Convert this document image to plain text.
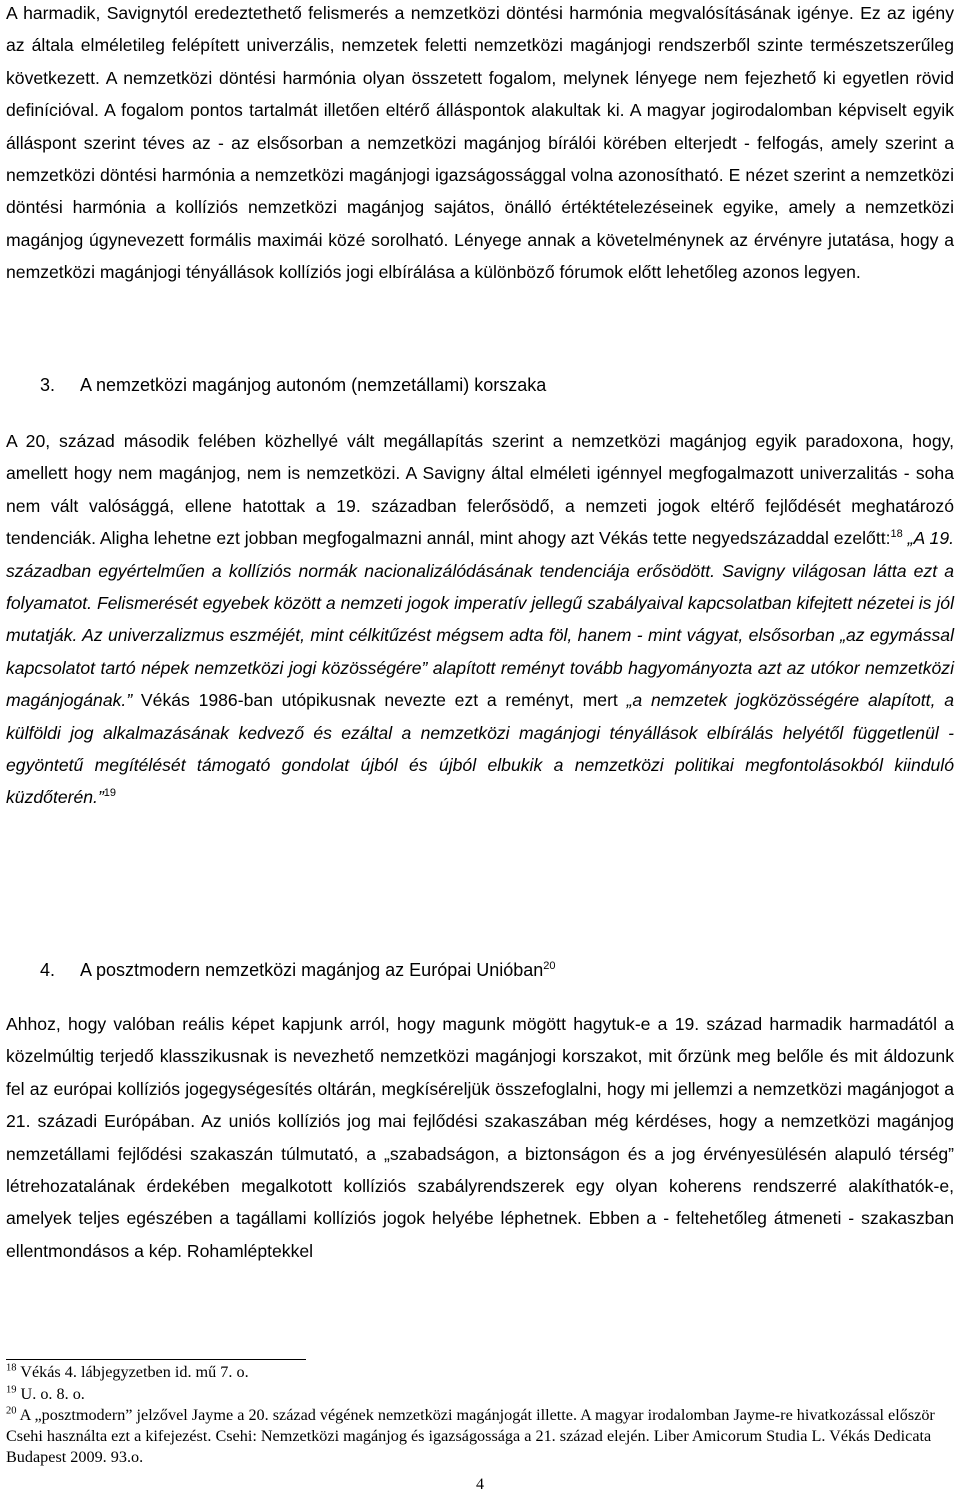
A harmadik, Savignytól eredeztethető felismerés a nemzetközi döntési harmónia megvalósításának igénye. Ez az igény az általa elméletileg felépített univerzális, nemzetek feletti nemzetközi magánjogi rendszerből szinte természetszerűleg következett. A nemzetközi döntési harmónia olyan összetett fogalom, melynek lényege nem fejezhető ki egyetlen rövid definícióval. A fogalom pontos tartalmát illetően eltérő álláspontok alakultak ki. A magyar jogirodalomban képviselt egyik álláspont szerint téves az - az elsősorban a nemzetközi magánjog bírálói körében elterjedt - felfogás, amely szerint a nemzetközi döntési harmónia a nemzetközi magánjogi igazságossággal volna azonosítható. E nézet szerint a nemzetközi döntési harmónia a kollíziós nemzetközi magánjog sajátos, önálló értéktételezéseinek egyike, amely a nemzetközi magánjog úgynevezett formális maximái közé sorolható. Lényege annak a követelménynek az érvényre jutatása, hogy a nemzetközi magánjogi tényállások kollíziós jogi elbírálása a különböző fórumok előtt lehetőleg azonos legyen.

3. A nemzetközi magánjog autonóm (nemzetállami) korszaka

A 20, század második felében közhellyé vált megállapítás szerint a nemzetközi magánjog egyik paradoxona, hogy, amellett hogy nem magánjog, nem is nemzetközi. A Savigny által elméleti igénnyel megfogalmazott univerzalitás - soha nem vált valósággá, ellene hatottak a 19. században felerősödő, a nemzeti jogok eltérő fejlődését meghatározó tendenciák. Aligha lehetne ezt jobban megfogalmazni annál, mint ahogy azt Vékás tette negyedszázaddal ezelőtt:$^{18}$ „A 19. században egyértelműen a kollíziós normák nacionalizálódásának tendenciája erősödött. Savigny világosan látta ezt a folyamatot. Felismerését egyebek között a nemzeti jogok imperatív jellegű szabályaival kapcsolatban kifejtett nézetei is jól mutatják. Az univerzalizmus eszméjét, mint célkitűzést mégsem adta föl, hanem - mint vágyat, elsősorban „az egymással kapcsolatot tartó népek nemzetközi jogi közösségére” alapított reményt tovább hagyományozta azt az utókor nemzetközi magánjogának.” Vékás 1986-ban utópikusnak nevezte ezt a reményt, mert „a nemzetek jogközösségére alapított, a külföldi jog alkalmazásának kedvező és ezáltal a nemzetközi magánjogi tényállások elbírálás helyétől függetlenül - egyöntetű megítélését támogató gondolat újból és újból elbukik a nemzetközi politikai megfontolásokból kiinduló küzdőterén.”$^{19}$

4. A posztmodern nemzetközi magánjog az Európai Unióban$^{20}$

Ahhoz, hogy valóban reális képet kapjunk arról, hogy magunk mögött hagytuk-e a 19. század harmadik harmadától a közelmúltig terjedő klasszikusnak is nevezhető nemzetközi magánjogi korszakot, mit őrzünk meg belőle és mit áldozunk fel az európai kollíziós jogegységesítés oltárán, megkíséreljük összefoglalni, hogy mi jellemzi a nemzetközi magánjogot a 21. századi Európában. Az uniós kollíziós jog mai fejlődési szakaszában még kérdéses, hogy a nemzetközi magánjog nemzetállami fejlődési szakaszán túlmutató, a „szabadságon, a biztonságon és a jog érvényesülésén alapuló térség” létrehozatalának érdekében megalkotott kollíziós szabályrendszerek egy olyan koherens rendszerré alakíthatók-e, amelyek teljes egészében a tagállami kollíziós jogok helyébe léphetnek. Ebben a - feltehetőleg átmeneti - szakaszban ellentmondásos a kép. Rohamléptekkel

$^{18}$ Vékás 4. lábjegyzetben id. mű 7. o.

$^{19}$ U. o. 8. o.

$^{20}$ A „posztmodern” jelzővel Jayme a 20. század végének nemzetközi magánjogát illette. A magyar irodalomban Jayme-re hivatkozással először Csehi használta ezt a kifejezést. Csehi: Nemzetközi magánjog és igazságossága a 21. század elején. Liber Amicorum Studia L. Vékás Dedicata Budapest 2009. 93.o.

4
